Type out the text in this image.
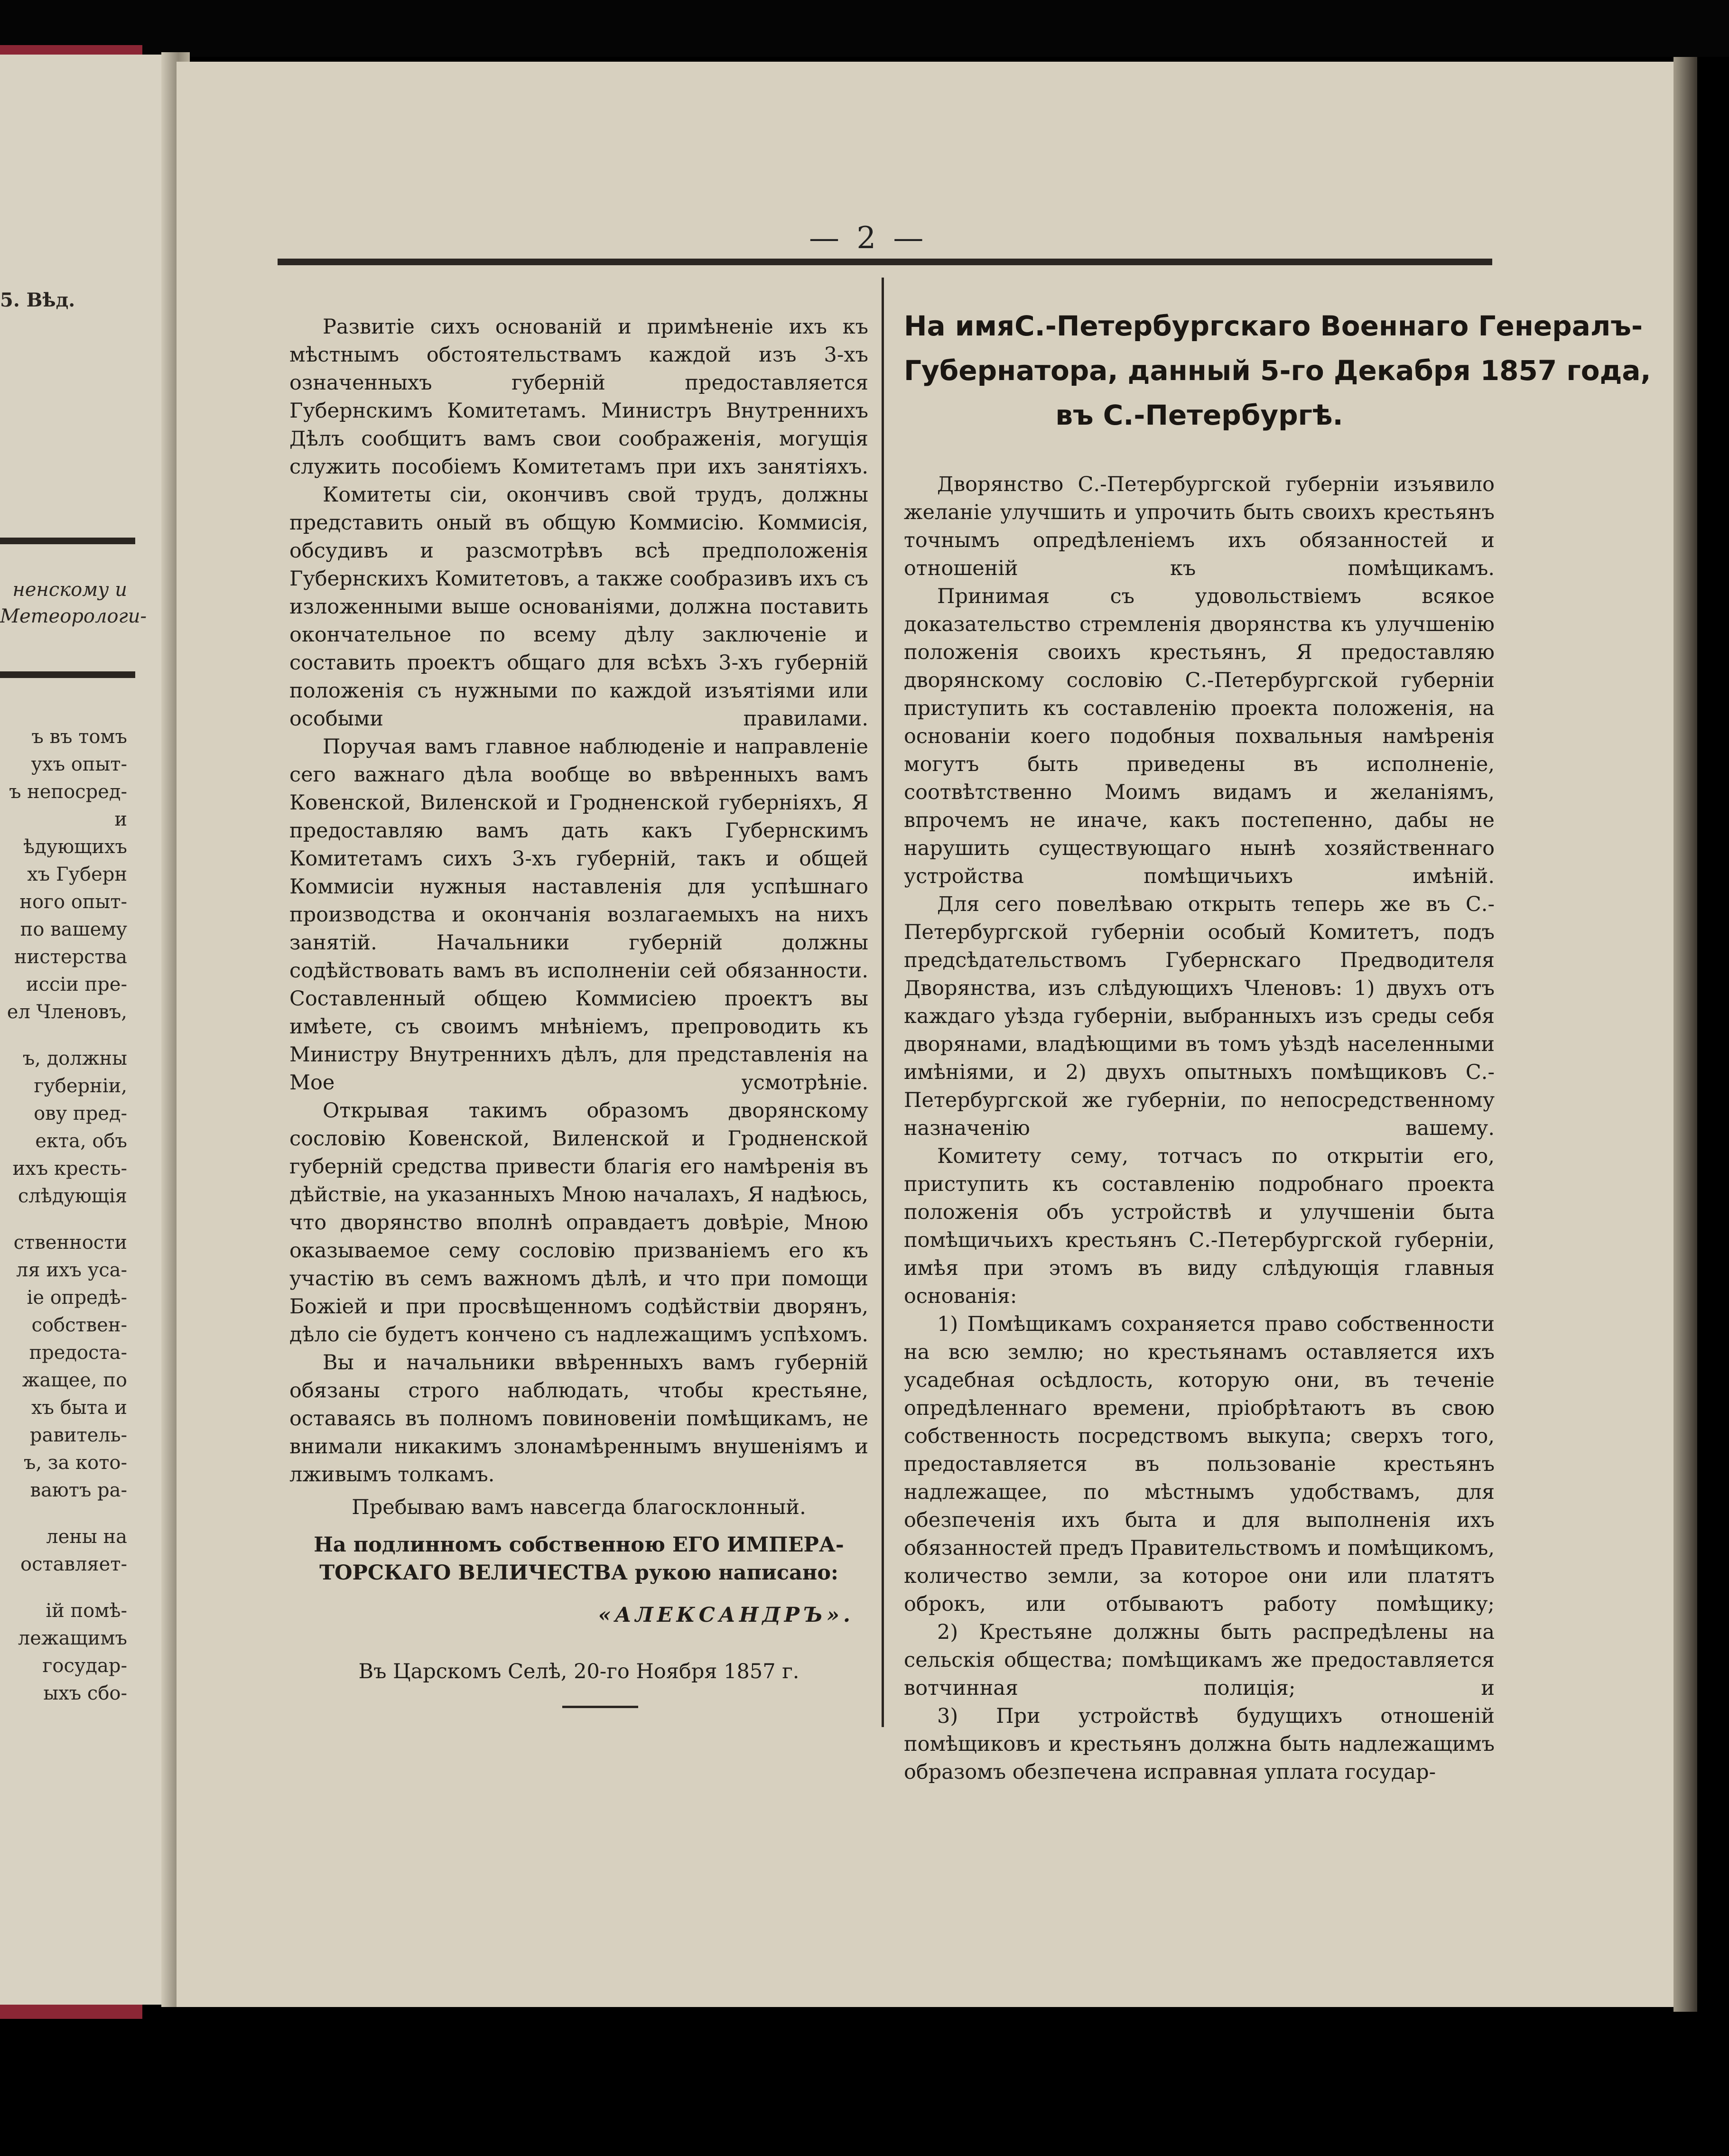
5. Вѣд.
ненскому и
Метеорологи-
ъ въ томъ
ухъ опыт-
ъ непосред-
и
ѣдующихъ
хъ Губерн
ного опыт-
по вашему
нистерства
иссіи пре-
ел Членовъ,
ъ, должны
губерніи,
ову пред-
екта, объ
ихъ кресть-
слѣдующія
ственности
ля ихъ уса-
іе опредѣ-
собствен-
предоста-
жащее, по
хъ быта и
равитель-
ъ, за кото-
ваютъ ра-
лены на
оставляет-
ій помѣ-
лежащимъ
государ-
ыхъ сбо-
— 2 —

Развитіе сихъ основаній и примѣненіе ихъ къ мѣстнымъ обстоятельствамъ каждой изъ 3-хъ означенныхъ губерній предоставляется Губернскимъ Комитетамъ. Министръ Внутреннихъ Дѣлъ сообщитъ вамъ свои соображенія, могущія служить пособіемъ Комитетамъ при ихъ занятіяхъ.

Комитеты сіи, окончивъ свой трудъ, должны представить оный въ общую Коммисію. Коммисія, обсудивъ и разсмотрѣвъ всѣ предположенія Губернскихъ Комитетовъ, а также сообразивъ ихъ съ изложенными выше основаніями, должна поставить окончательное по всему дѣлу заключеніе и составить проектъ общаго для всѣхъ 3-хъ губерній положенія съ нужными по каждой изъятіями или особыми правилами.

Поручая вамъ главное наблюденіе и направленіе сего важнаго дѣла вообще во ввѣренныхъ вамъ Ковенской, Виленской и Гродненской губерніяхъ, Я предоставляю вамъ дать какъ Губернскимъ Комитетамъ сихъ 3-хъ губерній, такъ и общей Коммисіи нужныя наставленія для успѣшнаго производства и окончанія возлагаемыхъ на нихъ занятій. Начальники губерній должны содѣйствовать вамъ въ исполненіи сей обязанности. Составленный общею Коммисіею проектъ вы имѣете, съ своимъ мнѣніемъ, препроводить къ Министру Внутреннихъ дѣлъ, для представленія на Мое усмотрѣніе.

Открывая такимъ образомъ дворянскому сословію Ковенской, Виленской и Гродненской губерній средства привести благія его намѣренія въ дѣйствіе, на указанныхъ Мною началахъ, Я надѣюсь, что дворянство вполнѣ оправдаетъ довѣріе, Мною оказываемое сему сословію призваніемъ его къ участію въ семъ важномъ дѣлѣ, и что при помощи Божіей и при просвѣщенномъ содѣйствіи дворянъ, дѣло сіе будетъ кончено съ надлежащимъ успѣхомъ.

Вы и начальники ввѣренныхъ вамъ губерній обязаны строго наблюдать, чтобы крестьяне, оставаясь въ полномъ повиновеніи помѣщикамъ, не внимали никакимъ злонамѣреннымъ внушеніямъ и лживымъ толкамъ.

Пребываю вамъ навсегда благосклонный.
На подлинномъ собственною ЕГО ИМПЕРА-
ТОРСКАГО ВЕЛИЧЕСТВА рукою написано:
«АЛЕКСАНДРЪ».
Въ Царскомъ Селѣ, 20-го Ноября 1857 г.
На имяС.-Петербургскаго Военнаго Генералъ-
Губернатора, данный 5-го Декабря 1857 года,
въ С.-Петербургѣ.

Дворянство С.-Петербургской губерніи изъявило желаніе улучшить и упрочить быть своихъ крестьянъ точнымъ опредѣленіемъ ихъ обязанностей и отношеній къ помѣщикамъ.

Принимая съ удовольствіемъ всякое доказательство стремленія дворянства къ улучшенію положенія своихъ крестьянъ, Я предоставляю дворянскому сословію С.-Петербургской губерніи приступить къ составленію проекта положенія, на основаніи коего подобныя похвальныя намѣренія могутъ быть приведены въ исполненіе, соотвѣтственно Моимъ видамъ и желаніямъ, впрочемъ не иначе, какъ постепенно, дабы не нарушить существующаго нынѣ хозяйственнаго устройства помѣщичьихъ имѣній.

Для сего повелѣваю открыть теперь же въ С.-Петербургской губерніи особый Комитетъ, подъ предсѣдательствомъ Губернскаго Предводителя Дворянства, изъ слѣдующихъ Членовъ: 1) двухъ отъ каждаго уѣзда губерніи, выбранныхъ изъ среды себя дворянами, владѣющими въ томъ уѣздѣ населенными имѣніями, и 2) двухъ опытныхъ помѣщиковъ С.-Петербургской же губерніи, по непосредственному назначенію вашему.

Комитету сему, тотчасъ по открытіи его, приступить къ составленію подробнаго проекта положенія объ устройствѣ и улучшеніи быта помѣщичьихъ крестьянъ С.-Петербургской губерніи, имѣя при этомъ въ виду слѣдующія главныя основанія:

1) Помѣщикамъ сохраняется право собственности на всю землю; но крестьянамъ оставляется ихъ усадебная осѣдлость, которую они, въ теченіе опредѣленнаго времени, пріобрѣтаютъ въ свою собственность посредствомъ выкупа; сверхъ того, предоставляется въ пользованіе крестьянъ надлежащее, по мѣстнымъ удобствамъ, для обезпеченія ихъ быта и для выполненія ихъ обязанностей предъ Правительствомъ и помѣщикомъ, количество земли, за которое они или платятъ оброкъ, или отбываютъ работу помѣщику;

2) Крестьяне должны быть распредѣлены на сельскія общества; помѣщикамъ же предоставляется вотчинная полиція; и

3) При устройствѣ будущихъ отношеній помѣщиковъ и крестьянъ должна быть надлежащимъ образомъ обезпечена исправная уплата государ-
